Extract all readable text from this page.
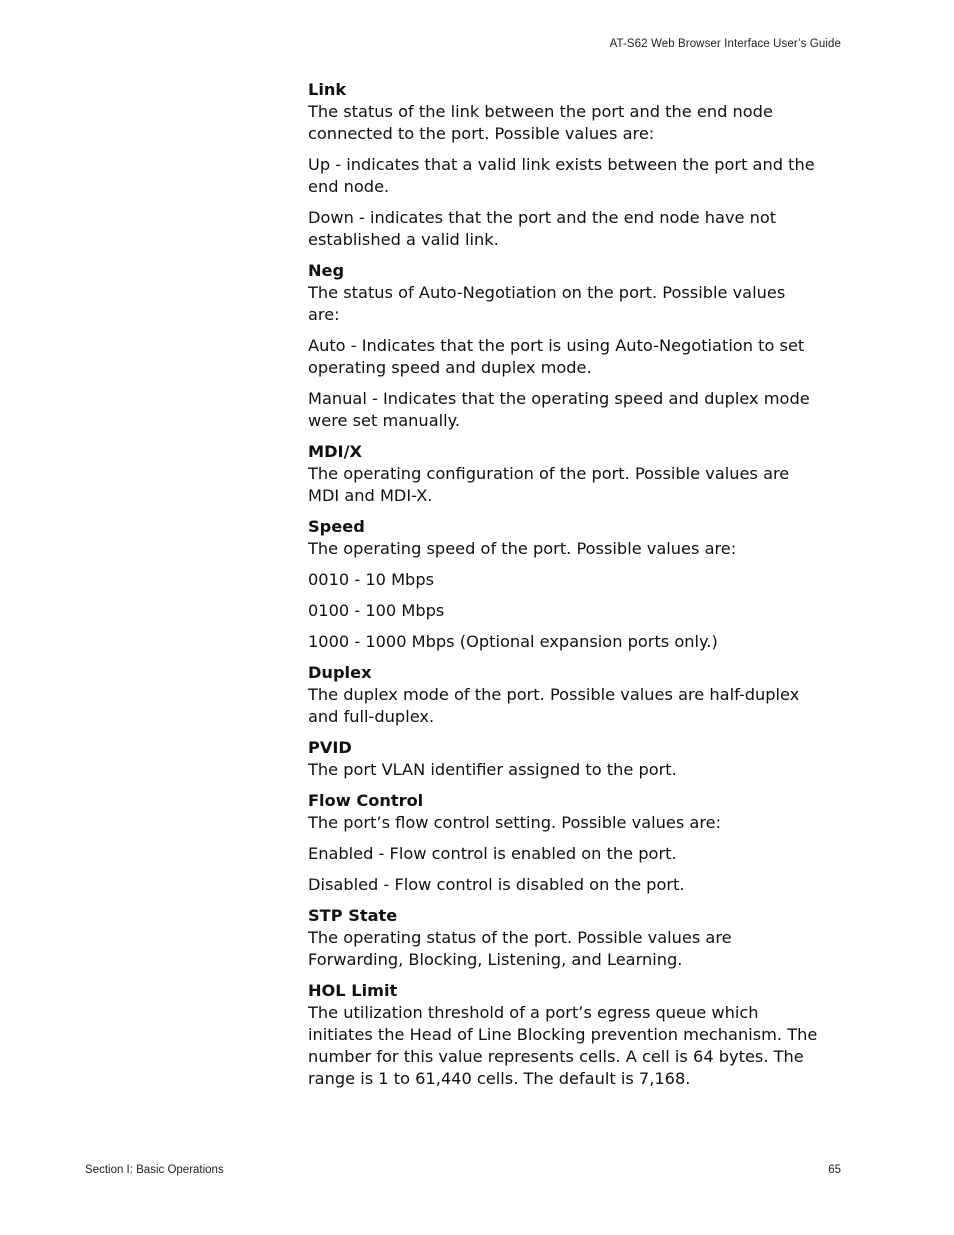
AT-S62 Web Browser Interface User’s Guide
Link
The status of the link between the port and the end node connected to the port. Possible values are:
Up - indicates that a valid link exists between the port and the end node.
Down - indicates that the port and the end node have not established a valid link.
Neg
The status of Auto-Negotiation on the port. Possible values are:
Auto - Indicates that the port is using Auto-Negotiation to set operating speed and duplex mode.
Manual - Indicates that the operating speed and duplex mode were set manually.
MDI/X
The operating configuration of the port. Possible values are MDI and MDI-X.
Speed
The operating speed of the port. Possible values are:
0010 - 10 Mbps
0100 - 100 Mbps
1000 - 1000 Mbps (Optional expansion ports only.)
Duplex
The duplex mode of the port. Possible values are half-duplex and full-duplex.
PVID
The port VLAN identifier assigned to the port.
Flow Control
The port’s flow control setting. Possible values are:
Enabled - Flow control is enabled on the port.
Disabled - Flow control is disabled on the port.
STP State
The operating status of the port. Possible values are Forwarding, Blocking, Listening, and Learning.
HOL Limit
The utilization threshold of a port’s egress queue which initiates the Head of Line Blocking prevention mechanism. The number for this value represents cells. A cell is 64 bytes. The range is 1 to 61,440 cells. The default is 7,168.
Section I: Basic Operations	65
